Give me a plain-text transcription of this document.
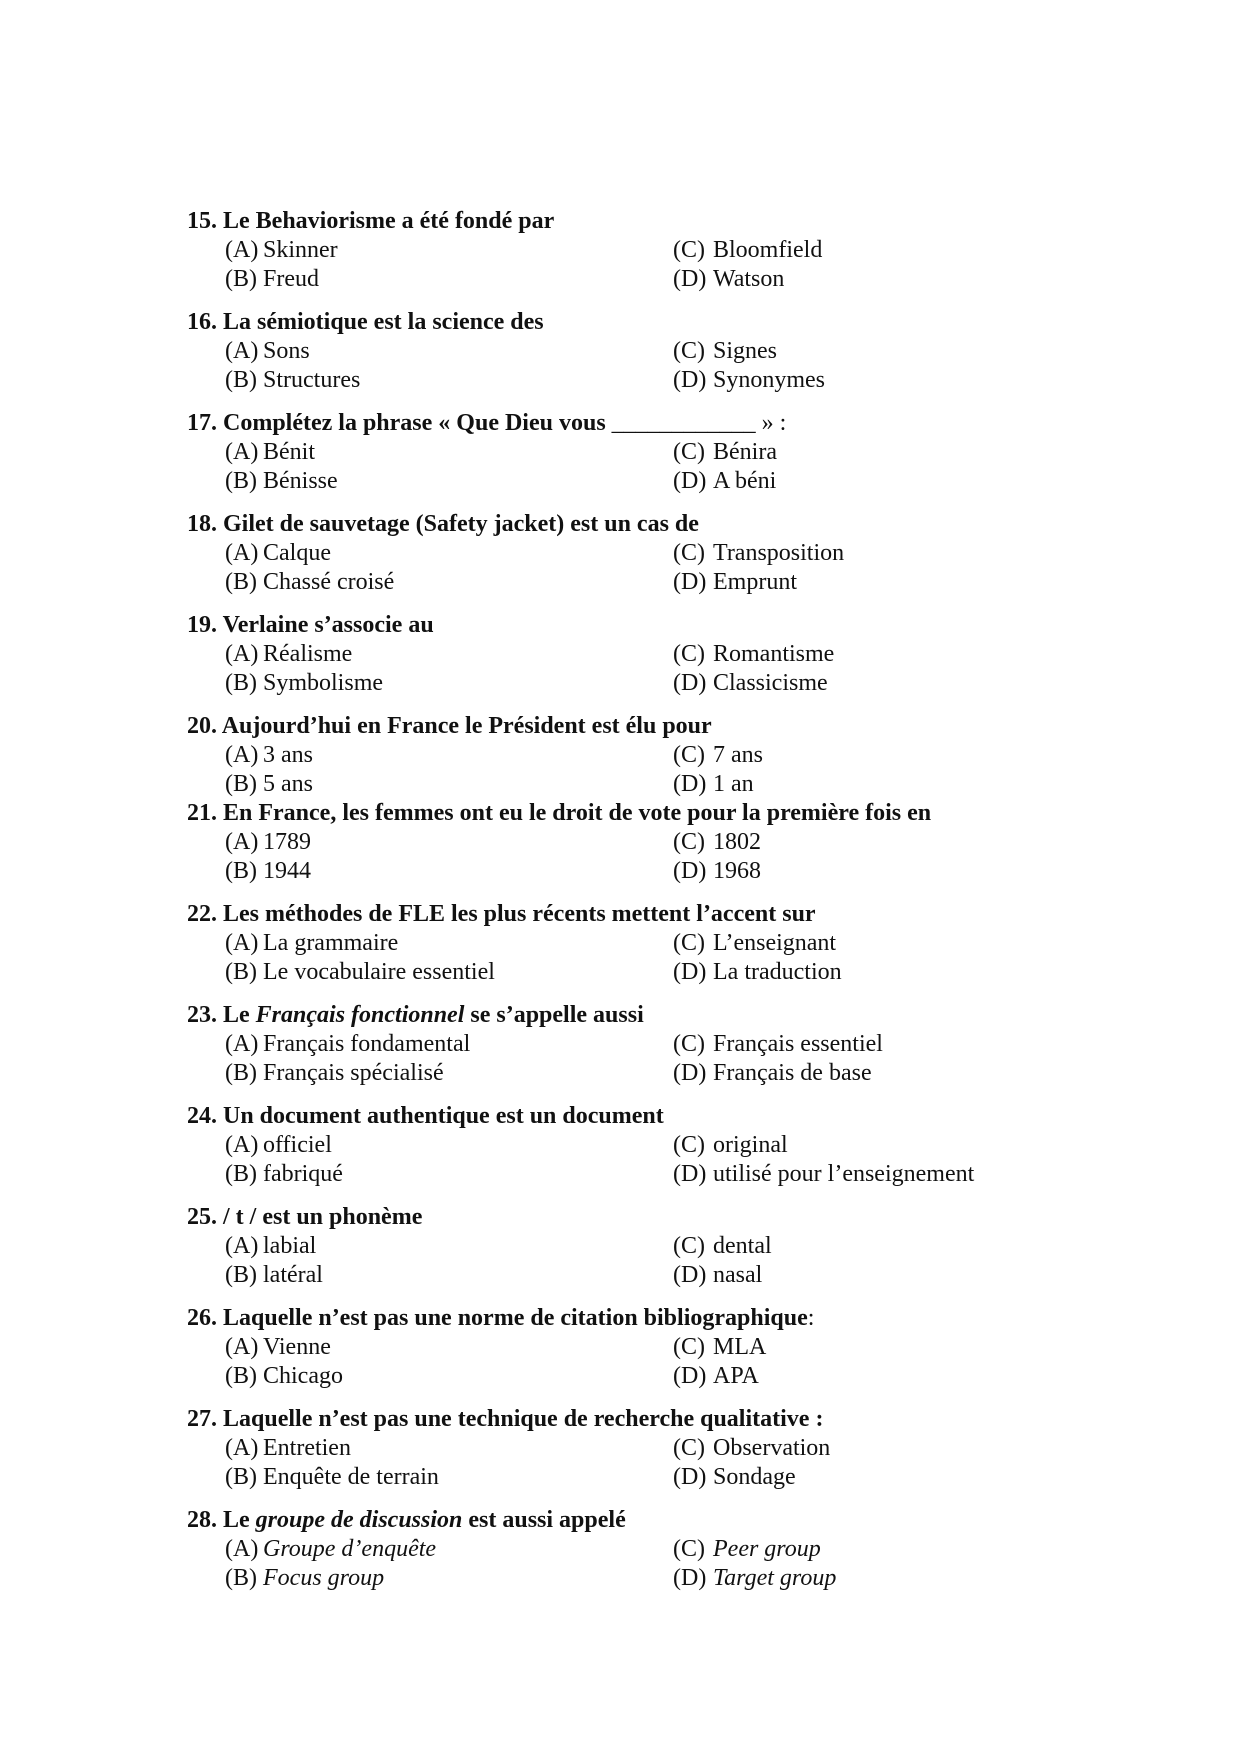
15. Le Behaviorisme a été fondé par
(A) Skinner	(C) Bloomfield
(B) Freud	(D) Watson
16. La sémiotique est la science des
(A) Sons	(C) Signes
(B) Structures	(D) Synonymes
17. Complétez la phrase « Que Dieu vous ____________ » :
(A) Bénit	(C) Bénira
(B) Bénisse	(D) A béni
18. Gilet de sauvetage (Safety jacket) est un cas de
(A) Calque	(C) Transposition
(B) Chassé croisé	(D) Emprunt
19. Verlaine s’associe au
(A) Réalisme	(C) Romantisme
(B) Symbolisme	(D) Classicisme
20. Aujourd’hui en France le Président est élu pour
(A) 3 ans	(C) 7 ans
(B) 5 ans	(D) 1 an
21. En France, les femmes ont eu le droit de vote pour la première fois en
(A) 1789	(C) 1802
(B) 1944	(D) 1968
22. Les méthodes de FLE les plus récents mettent l’accent sur
(A) La grammaire	(C) L’enseignant
(B) Le vocabulaire essentiel	(D) La traduction
23. Le Français fonctionnel se s’appelle aussi
(A) Français fondamental	(C) Français essentiel
(B) Français spécialisé	(D) Français de base
24. Un document authentique est un document
(A) officiel	(C) original
(B) fabriqué	(D) utilisé pour l’enseignement
25. / t / est un phonème
(A) labial	(C) dental
(B) latéral	(D) nasal
26. Laquelle n’est pas une norme de citation bibliographique:
(A) Vienne	(C) MLA
(B) Chicago	(D) APA
27. Laquelle n’est pas une technique de recherche qualitative :
(A) Entretien	(C) Observation
(B) Enquête de terrain	(D) Sondage
28. Le groupe de discussion est aussi appelé
(A) Groupe d’enquête	(C) Peer group
(B) Focus group	(D) Target group
